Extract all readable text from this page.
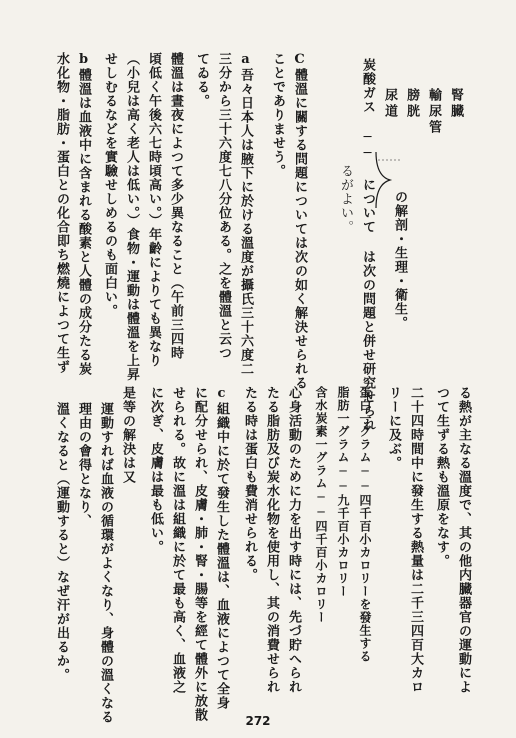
腎臓
輸尿管
膀胱
尿道
の解剖・生理・衛生。
炭酸ガス ── について は次の問題と併せ研究せられ
るがよい。
C體溫に關する問題については次の如く解決せられる
ことでありませう。
a吾々日本人は腋下に於ける溫度が攝氏三十六度二
三分から三十六度七八分位ある。之を體溫と云つ
てゐる。
體溫は晝夜によつて多少異なること（午前三四時
頃低く午後六七時頃高い。）年齡によりても異なり
（小兒は高く老人は低い。）食物・運動は體溫を上昇
せしむるなどを實驗せしめるのも面白い。
b體溫は血液中に含まれる酸素と人體の成分たる炭
水化物・脂肪・蛋白との化合即ち燃燒によつて生ず
る熱が主なる溫度で、其の他内臓器官の運動によ
つて生ずる熱も溫原をなす。
二十四時間中に發生する熱量は二千三四百大カロ
リーに及ぶ。
蛋白一グラム──四千百小カロリーを發生する
脂肪一グラム──九千百小カロリー
含水炭素一グラム──四千百小カロリー
心身活動のために力を出す時には、先づ貯へられ
たる脂肪及び炭水化物を使用し、其の消費せられ
たる時は蛋白も費消せられる。
c組織中に於て發生した體溫は、血液によつて全身
に配分せられ、皮膚・肺・腎・腸等を經て體外に放散
せられる。故に溫は組織に於て最も高く、血液之
に次ぎ、皮膚は最も低い。
是等の解決は又
運動すれば血液の循環がよくなり、身體の溫くなる
理由の會得となり、
溫くなると（運動すると）なぜ汗が出るか。
272
